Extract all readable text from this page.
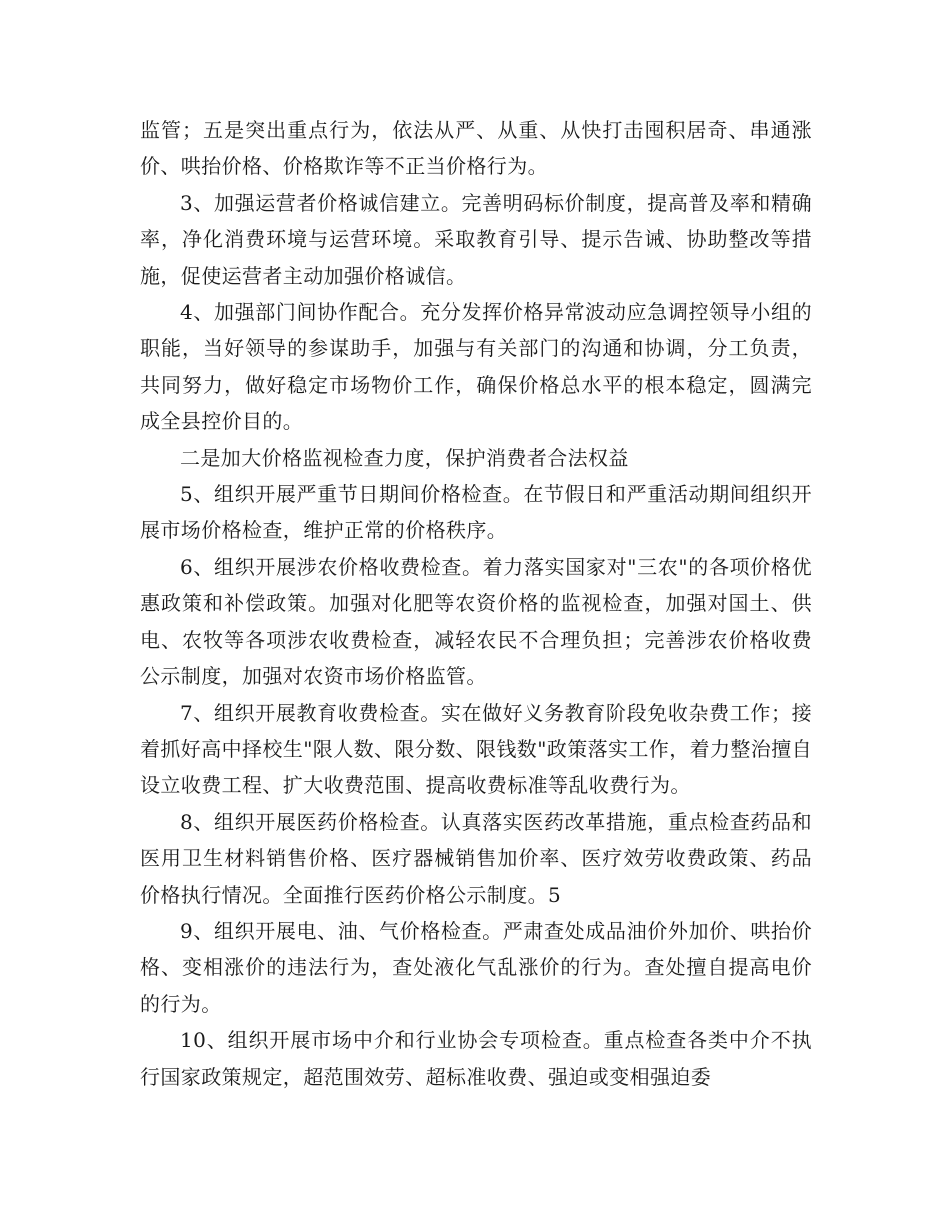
监管；五是突出重点行为，依法从严、从重、从快打击囤积居奇、串通涨价、哄抬价格、价格欺诈等不正当价格行为。

3、加强运营者价格诚信建立。完善明码标价制度，提高普及率和精确率，净化消费环境与运营环境。采取教育引导、提示告诫、协助整改等措施，促使运营者主动加强价格诚信。

4、加强部门间协作配合。充分发挥价格异常波动应急调控领导小组的职能，当好领导的参谋助手，加强与有关部门的沟通和协调，分工负责，共同努力，做好稳定市场物价工作，确保价格总水平的根本稳定，圆满完成全县控价目的。

二是加大价格监视检查力度，保护消费者合法权益

5、组织开展严重节日期间价格检查。在节假日和严重活动期间组织开展市场价格检查，维护正常的价格秩序。

6、组织开展涉农价格收费检查。着力落实国家对"三农"的各项价格优惠政策和补偿政策。加强对化肥等农资价格的监视检查，加强对国土、供电、农牧等各项涉农收费检查，减轻农民不合理负担；完善涉农价格收费公示制度，加强对农资市场价格监管。

7、组织开展教育收费检查。实在做好义务教育阶段免收杂费工作；接着抓好高中择校生"限人数、限分数、限钱数"政策落实工作，着力整治擅自设立收费工程、扩大收费范围、提高收费标准等乱收费行为。

8、组织开展医药价格检查。认真落实医药改革措施，重点检查药品和医用卫生材料销售价格、医疗器械销售加价率、医疗效劳收费政策、药品价格执行情况。全面推行医药价格公示制度。5

9、组织开展电、油、气价格检查。严肃查处成品油价外加价、哄抬价格、变相涨价的违法行为，查处液化气乱涨价的行为。查处擅自提高电价的行为。

10、组织开展市场中介和行业协会专项检查。重点检查各类中介不执行国家政策规定，超范围效劳、超标准收费、强迫或变相强迫委
